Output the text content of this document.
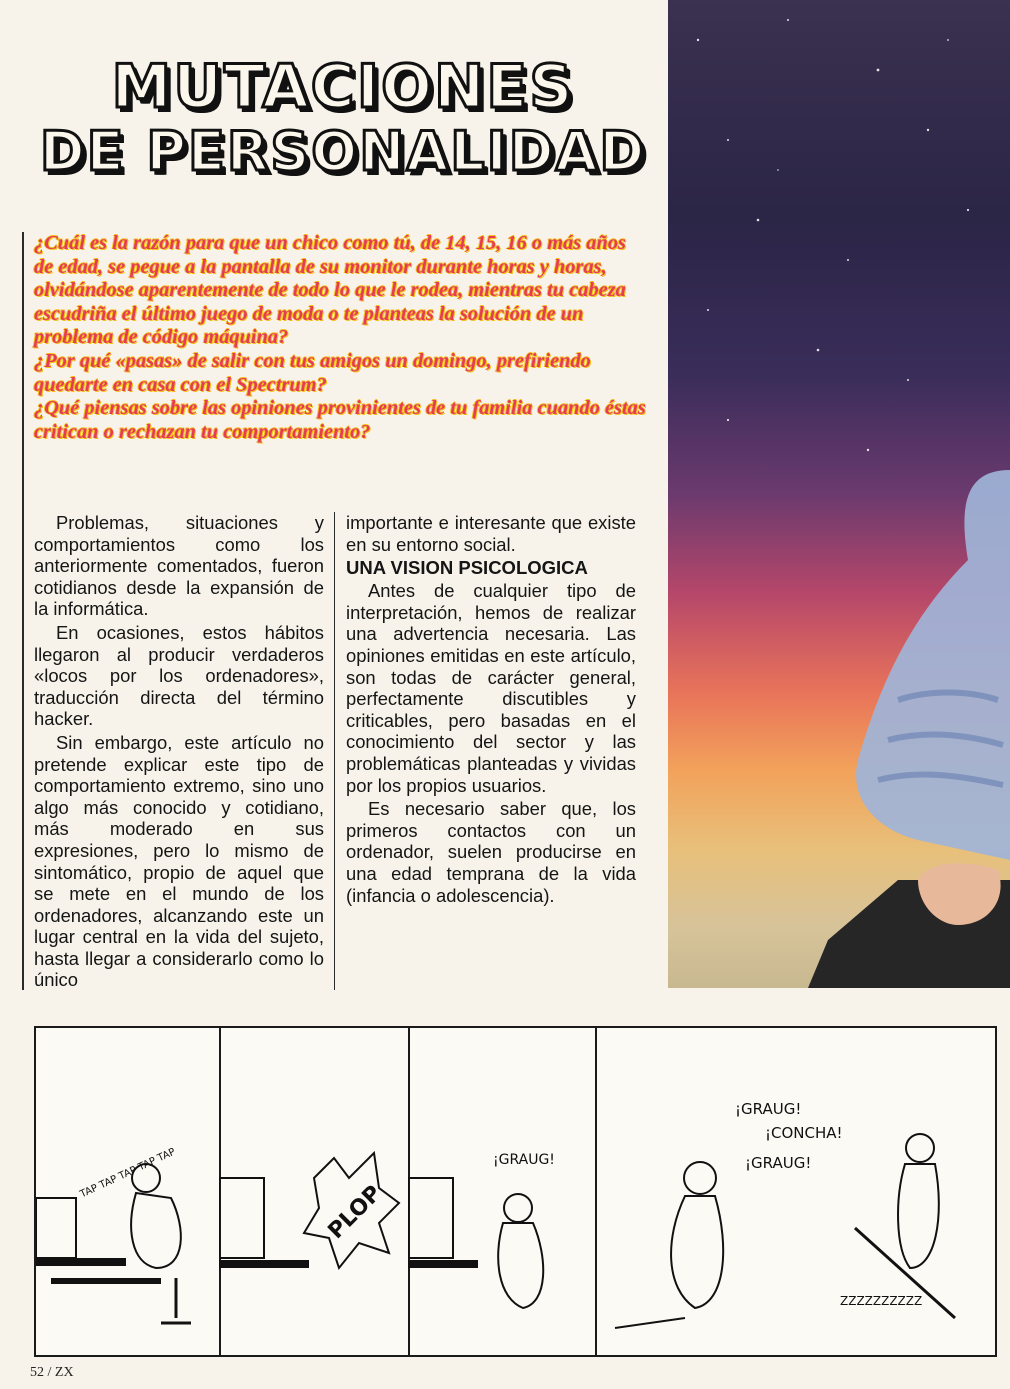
MUTACIONES
DE PERSONALIDAD

¿Cuál es la razón para que un chico como tú, de 14, 15, 16 o más años de edad, se pegue a la pantalla de su monitor durante horas y horas, olvidándose aparentemente de todo lo que le rodea, mientras tu cabeza escudriña el último juego de moda o te planteas la solución de un problema de código máquina?

¿Por qué «pasas» de salir con tus amigos un domingo, prefiriendo quedarte en casa con el Spectrum?

¿Qué piensas sobre las opiniones provinientes de tu familia cuando éstas critican o rechazan tu comportamiento?

Problemas, situaciones y comportamientos como los anteriormente comentados, fueron cotidianos desde la expansión de la informática.

En ocasiones, estos hábitos llegaron al producir verdaderos «locos por los ordenadores», traducción directa del término hacker.

Sin embargo, este artículo no pretende explicar este tipo de comportamiento extremo, sino uno algo más conocido y cotidiano, más moderado en sus expresiones, pero lo mismo de sintomático, propio de aquel que se mete en el mundo de los ordenadores, alcanzando este un lugar central en la vida del sujeto, hasta llegar a considerarlo como lo único

importante e interesante que existe en su entorno social.

UNA VISION PSICOLOGICA

Antes de cualquier tipo de interpretación, hemos de realizar una advertencia necesaria. Las opiniones emitidas en este artículo, son todas de carácter general, perfectamente discutibles y criticables, pero basadas en el conocimiento del sector y las problemáticas planteadas y vividas por los propios usuarios.

Es necesario saber que, los primeros contactos con un ordenador, suelen producirse en una edad temprana de la vida (infancia o adolescencia).

TAP TAP TAP TAP TAP
PLOP
¡GRAUG!
¡GRAUG!
¡CONCHA!
¡GRAUG!
ZZZZZZZZZZ
52 / ZX
